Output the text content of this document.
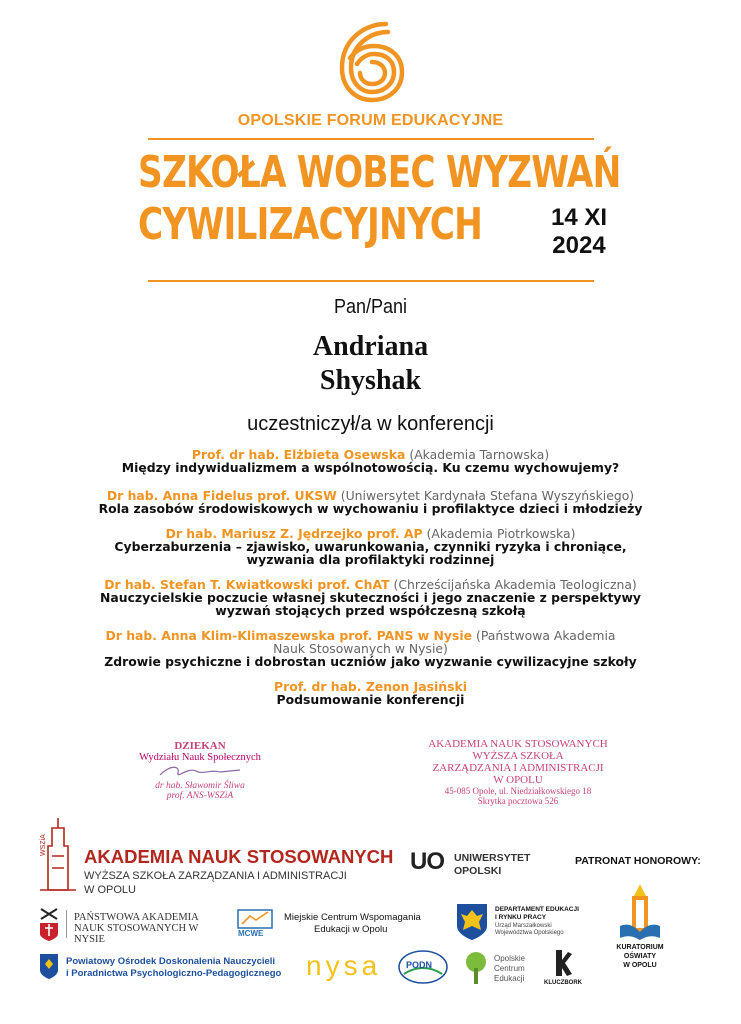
OPOLSKIE FORUM EDUKACYJNE
SZKOŁA WOBEC WYZWAŃ
CYWILIZACYJNYCH	14 XI
2024
Pan/Pani
Andriana
Shyshak
uczestniczył/a w konferencji
Prof. dr hab. Elżbieta Osewska (Akademia Tarnowska)
Między indywidualizmem a wspólnotowością. Ku czemu wychowujemy?
Dr hab. Anna Fidelus prof. UKSW (Uniwersytet Kardynała Stefana Wyszyńskiego)
Rola zasobów środowiskowych w wychowaniu i profilaktyce dzieci i młodzieży
Dr hab. Mariusz Z. Jędrzejko prof. AP (Akademia Piotrkowska)
Cyberzaburzenia – zjawisko, uwarunkowania, czynniki ryzyka i chroniące, wyzwania dla profilaktyki rodzinnej
Dr hab. Stefan T. Kwiatkowski prof. ChAT (Chrześcijańska Akademia Teologiczna)
Nauczycielskie poczucie własnej skuteczności i jego znaczenie z perspektywy wyzwań stojących przed współczesną szkołą
Dr hab. Anna Klim-Klimaszewska prof. PANS w Nysie (Państwowa Akademia Nauk Stosowanych w Nysie)
Zdrowie psychiczne i dobrostan uczniów jako wyzwanie cywilizacyjne szkoły
Prof. dr hab. Zenon Jasiński
Podsumowanie konferencji
DZIEKAN
Wydziału Nauk Społecznych
dr hab. Sławomir Śliwa
prof. ANS-WSZiA
AKADEMIA NAUK STOSOWANYCH
WYŻSZA SZKOŁA
ZARZĄDZANIA I ADMINISTRACJI
W OPOLU
45-085 Opole, ul. Niedziałkowskiego 18
Skrytka pocztowa 526
WSZiA
AKADEMIA NAUK STOSOWANYCH
WYŻSZA SZKOŁA ZARZĄDZANIA I ADMINISTRACJI
W OPOLU
UO UNIWERSYTET
OPOLSKI
PATRONAT HONOROWY:
PAŃSTWOWA AKADEMIA
NAUK STOSOWANYCH W NYSIE
MCWE
Miejskie Centrum Wspomagania
Edukacji w Opolu
DEPARTAMENT EDUKACJI
I RYNKU PRACY
Urząd Marszałkowski
Województwa Opolskiego
KURATORIUM
OŚWIATY
W OPOLU
Powiatowy Ośrodek Doskonalenia Nauczycieli
i Poradnictwa Psychologiczno-Pedagogicznego nysa	PODN
Opolskie
Centrum
Edukacji	KLUCZBORK
